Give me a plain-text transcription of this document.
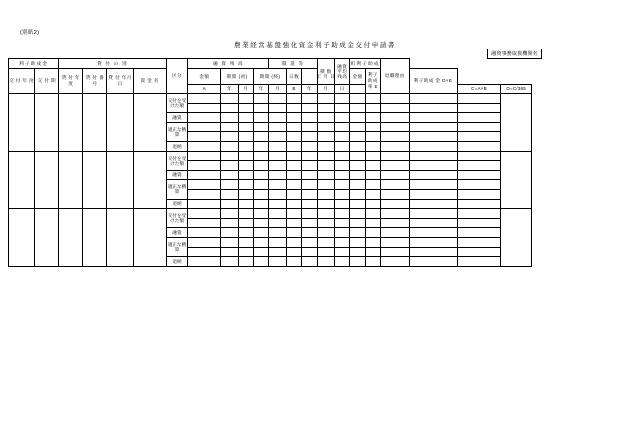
(別紙2)
農業経営基盤強化資金利子助成金交付申請書
融資事務取扱機関名
利子助成金		貸 付 の 別				区分	融 資 残 高				償 還 等			積 数	融資平均残高	町利子助成		退職理由			

交 付 年 度	交 付 期	貸 付 年 度	貸 付 番号	貸 付 年月日	資 金 名		金額	期間 (初)		期間 (終)		日数	年 月 日			金額	利子助成 率 E		利子助成 金 D×E		

							A	年	月	年	月	B	年	月	日					C=A×B	D=C/365
						交付を受けた額															

						融資															
						適正な精算															

						退納															
						交付を受けた額															

						融資															
						適正な精算															

						退納															
						交付を受けた額															

						融資															
						適正な精算															

						退納															
